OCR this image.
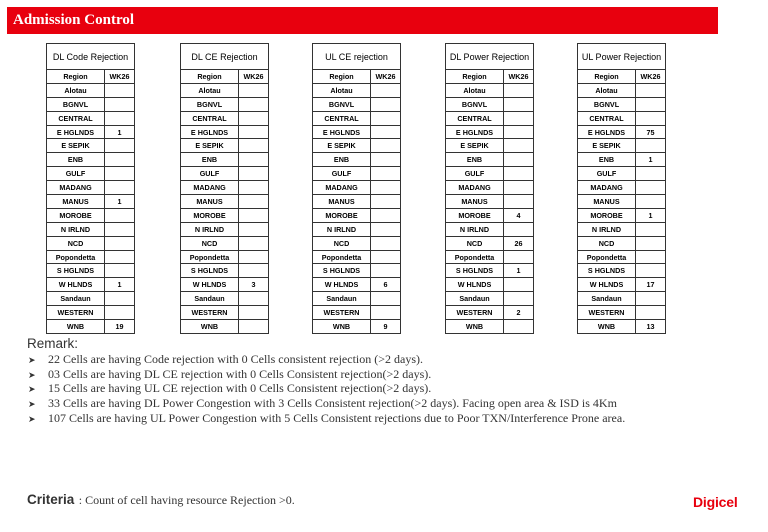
Admission Control
DL Code Rejection	
Region	WK26
Alotau	
BGNVL	
CENTRAL	
E HGLNDS	1
E SEPIK	
ENB	
GULF	
MADANG	
MANUS	1
MOROBE	
N IRLND	
NCD	
Popondetta	
S HGLNDS	
W HLNDS	1
Sandaun	
WESTERN	
WNB	19
DL CE Rejection	
Region	WK26
Alotau	
BGNVL	
CENTRAL	
E HGLNDS	
E SEPIK	
ENB	
GULF	
MADANG	
MANUS	
MOROBE	
N IRLND	
NCD	
Popondetta	
S HGLNDS	
W HLNDS	3
Sandaun	
WESTERN	
WNB	
UL CE rejection	
Region	WK26
Alotau	
BGNVL	
CENTRAL	
E HGLNDS	
E SEPIK	
ENB	
GULF	
MADANG	
MANUS	
MOROBE	
N IRLND	
NCD	
Popondetta	
S HGLNDS	
W HLNDS	6
Sandaun	
WESTERN	
WNB	9
DL Power Rejection	
Region	WK26
Alotau	
BGNVL	
CENTRAL	
E HGLNDS	
E SEPIK	
ENB	
GULF	
MADANG	
MANUS	
MOROBE	4
N IRLND	
NCD	26
Popondetta	
S HGLNDS	1
W HLNDS	
Sandaun	
WESTERN	2
WNB	
UL Power Rejection	
Region	WK26
Alotau	
BGNVL	
CENTRAL	
E HGLNDS	75
E SEPIK	
ENB	1
GULF	
MADANG	
MANUS	
MOROBE	1
N IRLND	
NCD	
Popondetta	
S HGLNDS	
W HLNDS	17
Sandaun	
WESTERN	
WNB	13
Remark:
➤ 22 Cells are having Code rejection with 0 Cells consistent rejection (>2 days).
➤ 03 Cells are having DL CE rejection with 0 Cells Consistent rejection(>2 days).
➤ 15 Cells are having UL CE rejection with 0 Cells Consistent rejection(>2 days).
➤ 33 Cells are having DL Power Congestion with 3 Cells Consistent rejection(>2 days). Facing open area & ISD is 4Km
➤ 107 Cells are having UL Power Congestion with 5 Cells Consistent rejections due to Poor TXN/Interference Prone area.
Criteria : Count of cell having resource Rejection >0.	Digicel
